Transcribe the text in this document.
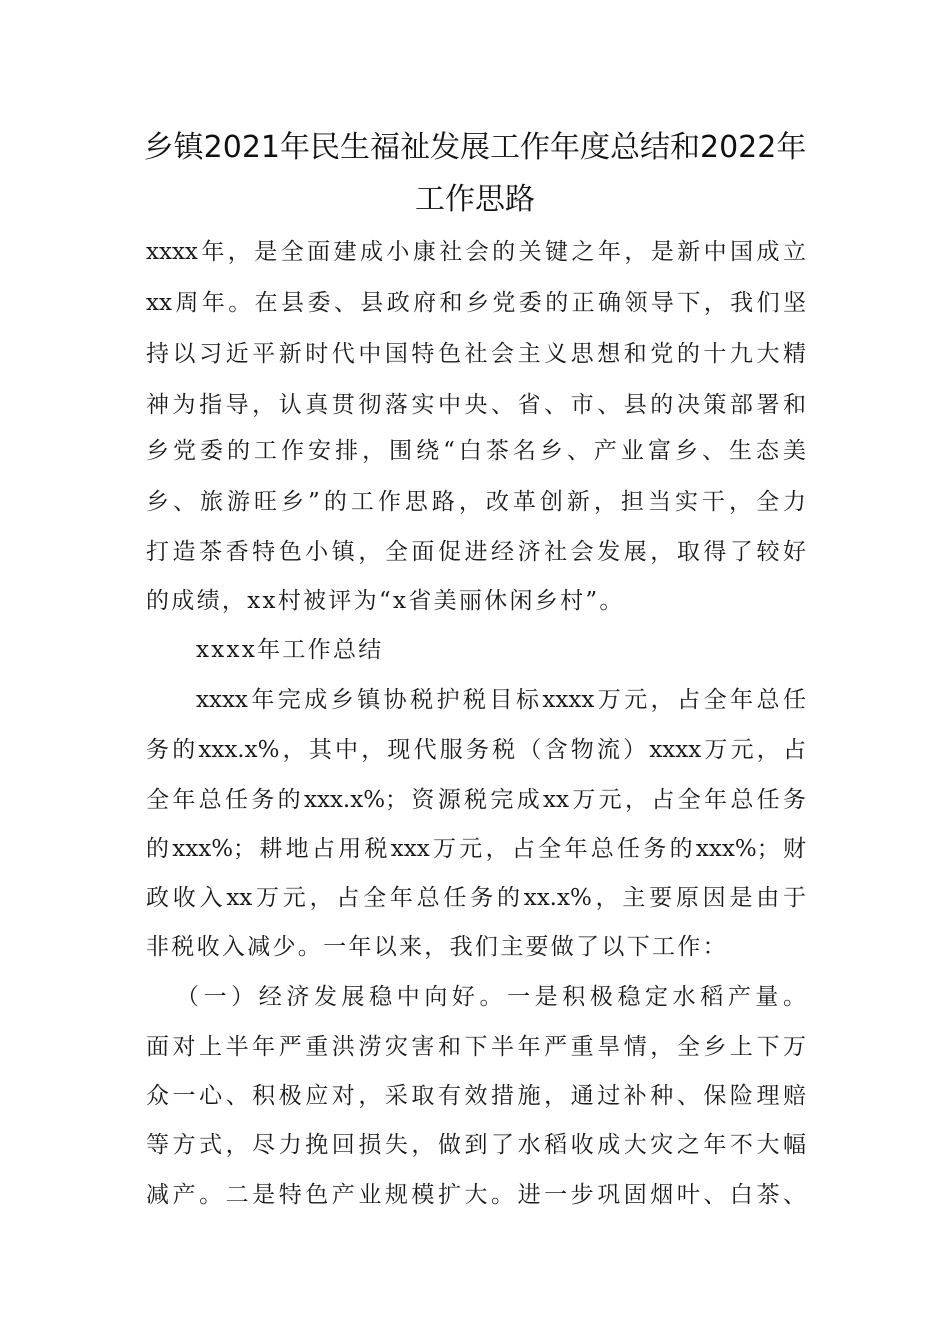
乡镇2021年民生福祉发展工作年度总结和2022年
工作思路
xxxx年，是全面建成小康社会的关键之年，是新中国成立
xx周年。在县委、县政府和乡党委的正确领导下，我们坚
持以习近平新时代中国特色社会主义思想和党的十九大精
神为指导，认真贯彻落实中央、省、市、县的决策部署和
乡党委的工作安排，围绕“白茶名乡、产业富乡、生态美
乡、旅游旺乡”的工作思路，改革创新，担当实干，全力
打造茶香特色小镇，全面促进经济社会发展，取得了较好
的成绩，xx村被评为“x省美丽休闲乡村”。
xxxx年工作总结
xxxx年完成乡镇协税护税目标xxxx万元，占全年总任
务的xxx.x%，其中，现代服务税（含物流）xxxx万元，占
全年总任务的xxx.x%；资源税完成xx万元，占全年总任务
的xxx%；耕地占用税xxx万元，占全年总任务的xxx%；财
政收入xx万元，占全年总任务的xx.x%，主要原因是由于
非税收入减少。一年以来，我们主要做了以下工作：
（一）经济发展稳中向好。一是积极稳定水稻产量。
面对上半年严重洪涝灾害和下半年严重旱情，全乡上下万
众一心、积极应对，采取有效措施，通过补种、保险理赔
等方式，尽力挽回损失，做到了水稻收成大灾之年不大幅
减产。二是特色产业规模扩大。进一步巩固烟叶、白茶、
